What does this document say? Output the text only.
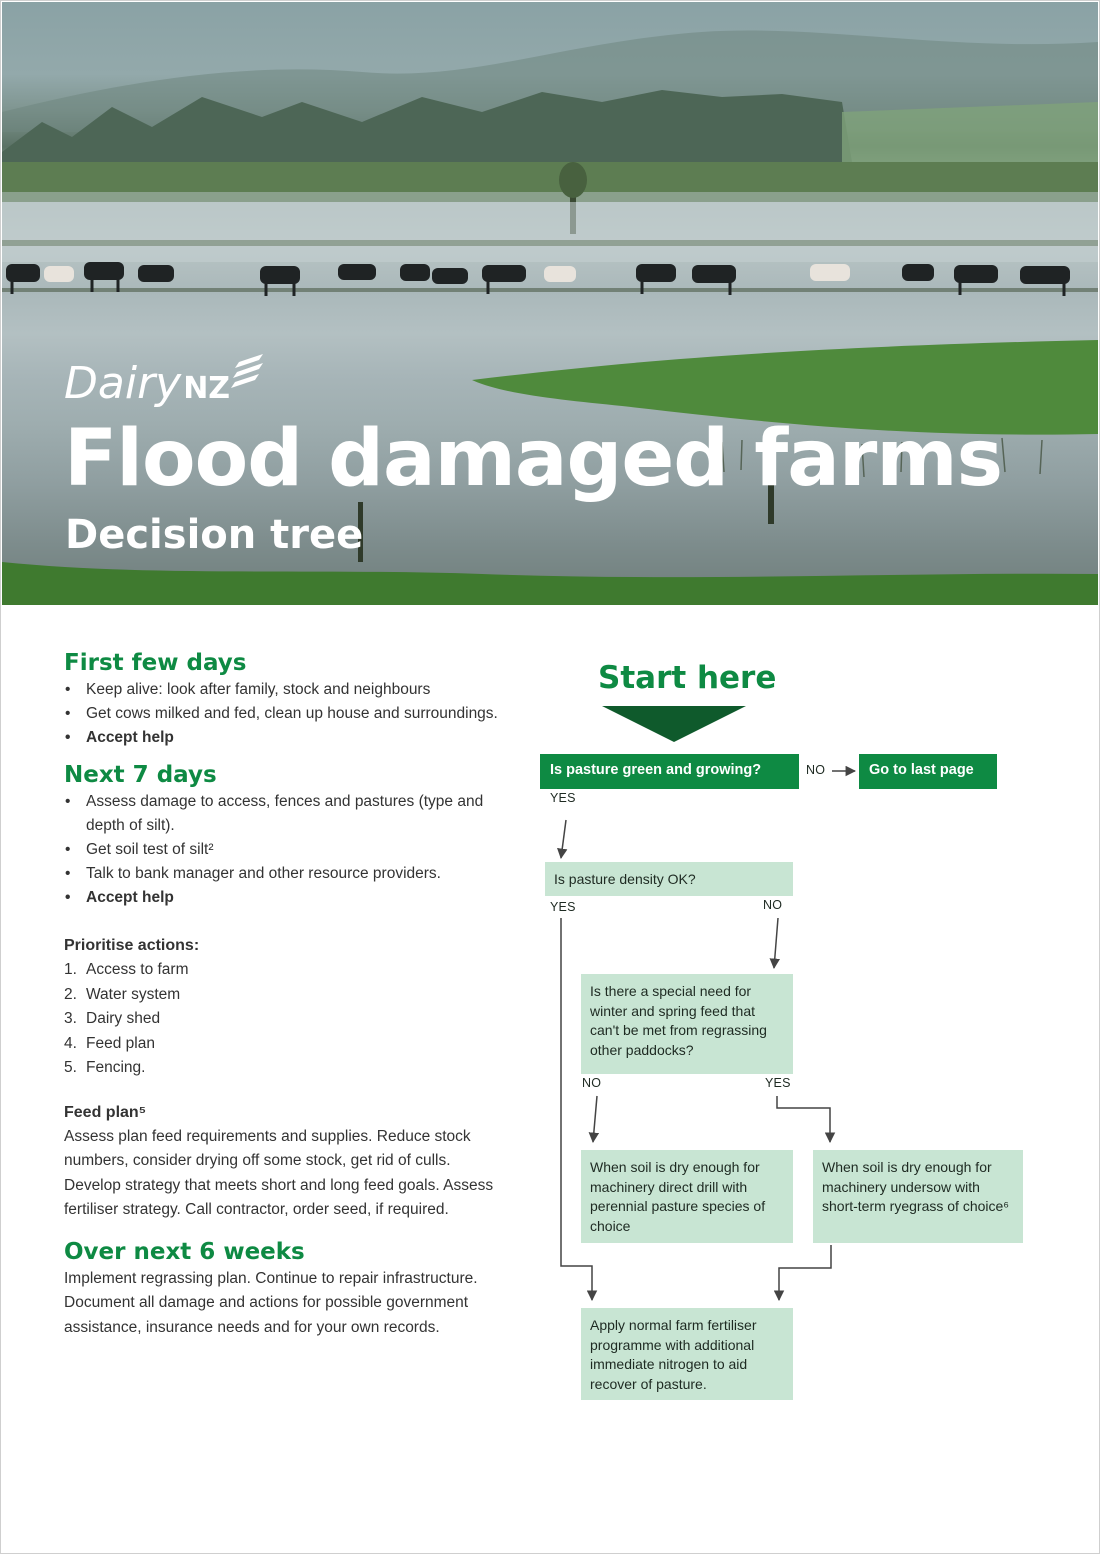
DairyNZ
Flood damaged farms
Decision tree
First few days
• Keep alive: look after family, stock and neighbours
• Get cows milked and fed, clean up house and surroundings.
• Accept help
Next 7 days
• Assess damage to access, fences and pastures (type and depth of silt).
• Get soil test of silt²
• Talk to bank manager and other resource providers.
• Accept help

Prioritise actions:

1. Access to farm
2. Water system
3. Dairy shed
4. Feed plan
5. Fencing.

Feed plan⁵

Assess plan feed requirements and supplies. Reduce stock numbers, consider drying off some stock, get rid of culls. Develop strategy that meets short and long feed goals. Assess fertiliser strategy. Call contractor, order seed, if required.

Over next 6 weeks

Implement regrassing plan. Continue to repair infrastructure. Document all damage and actions for possible government assistance, insurance needs and for your own records.

Start here
Is pasture green and growing?	NO	Go to last page
YES
Is pasture density OK?
YES	NO
Is there a special need for winter and spring feed that can't be met from regrassing other paddocks?
NO	YES
When soil is dry enough for machinery direct drill with perennial pasture species of choice
When soil is dry enough for machinery undersow with short-term ryegrass of choice⁶
Apply normal farm fertiliser programme with additional immediate nitrogen to aid recover of pasture.
